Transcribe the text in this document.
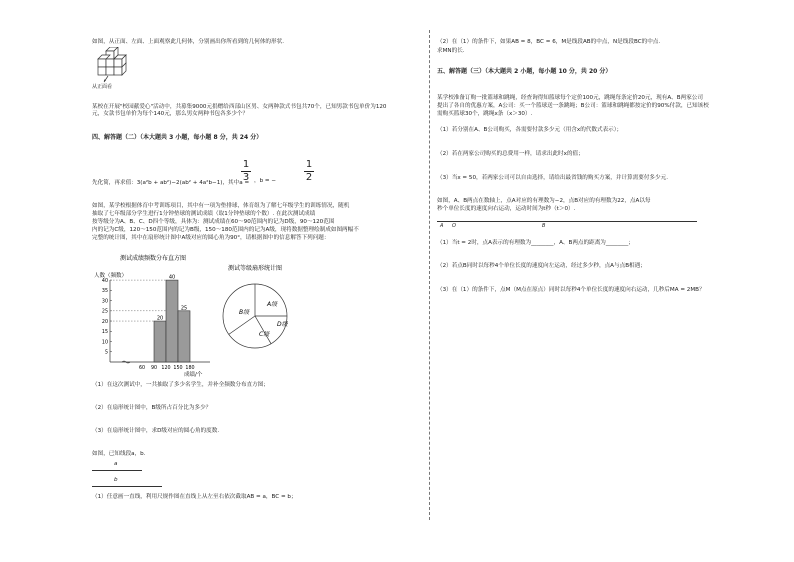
如图，从正面、左面、上面观察此几何体，分别画出你所看到的几何体的形状.
从正面看
某校在开展"校园献爱心"活动中，共募集9000元捐赠给西部山区男、女两种款式书包共70个，已知男款书包单价为120元，女款书包单价为每个140元，那么男女两种书包各多少个？
四、解答题（二）（本大题共 3 小题，每小题 8 分，共 24 分）
先化简，再求值：3(a²b + ab²)−2(ab² + 4a²b−1)，其中a =
1
3 ，b = −
1
2
如图，某学校根据体育中考训练项目，其中有一项为垫排球，体育组为了解七年级学生的训练情况，随机
抽取了七年级部分学生进行1分钟垫球的测试成绩（取1分钟垫球的个数）. 在此次测试成绩
按等级分为A、B、C、D四个等级，具体为：测试成绩在60～90范围内的记为D级，90～120范围
内的记为C级，120～150范围内的记为B级，150～180范围内的记为A级，现将数据整理绘制成如图两幅不
完整的统计图，其中在扇形统计图中A级对应的圆心角为90°，请根据图中的信息解答下列问题：
测试成绩频数分布直方图
人数（频数）
40
35
30
25
20
15
10
5
20
40
25
60 90 120 150 180
成绩/个
测试等级扇形统计图
A级
B级
C级
D级
（1）在这次测试中，一共抽取了多少名学生，并补全频数分布直方图；
（2）在扇形统计图中，B级所占百分比为多少？
（3）在扇形统计图中，求D级对应的圆心角的度数.
如图，已知线段a，b.
a
b
（1）任意画一直线，利用尺规作图在直线上从左至右依次截取AB = a，BC = b；
（2）在（1）的条件下，如果AB = 8，BC = 6，M是线段AB的中点，N是线段BC的中点.
求MN的长.
五、解答题（三）（本大题共 2 小题，每小题 10 分，共 20 分）
某学校准备订购一批篮球和跳绳，经查询得知篮球每个定价100元，跳绳每条定价20元，现有A、B两家公司
提出了各自的优惠方案，A公司：买一个篮球送一条跳绳；B公司：篮球和跳绳都按定价的90%付款，已知该校
需购买篮球30个，跳绳x条（x＞30）.
（1）若分别在A、B公司购买，各需要付款多少元（用含x的代数式表示）；
（2）若在两家公司购买的总费用一样，请求出此时x的值；
（3）当x = 50，若两家公司可以自由选择，请给出最省钱的购买方案，并计算需要付多少元.
如图，A、B两点在数轴上，点A对应的有理数为−2，点B对应的有理数为22，点A以每
秒个单位长度的速度向右运动，运动时间为t秒（t＞0）.
A O	B
（1）当t = 2时，点A表示的有理数为________，A、B两点的距离为________；
（2）若点B同时以每秒4个单位长度的速度向左运动，经过多少秒，点A与点B相遇；
（3）在（1）的条件下，点M（M点在原点）同时以每秒4个单位长度的速度向右运动，几秒后MA = 2MB？
